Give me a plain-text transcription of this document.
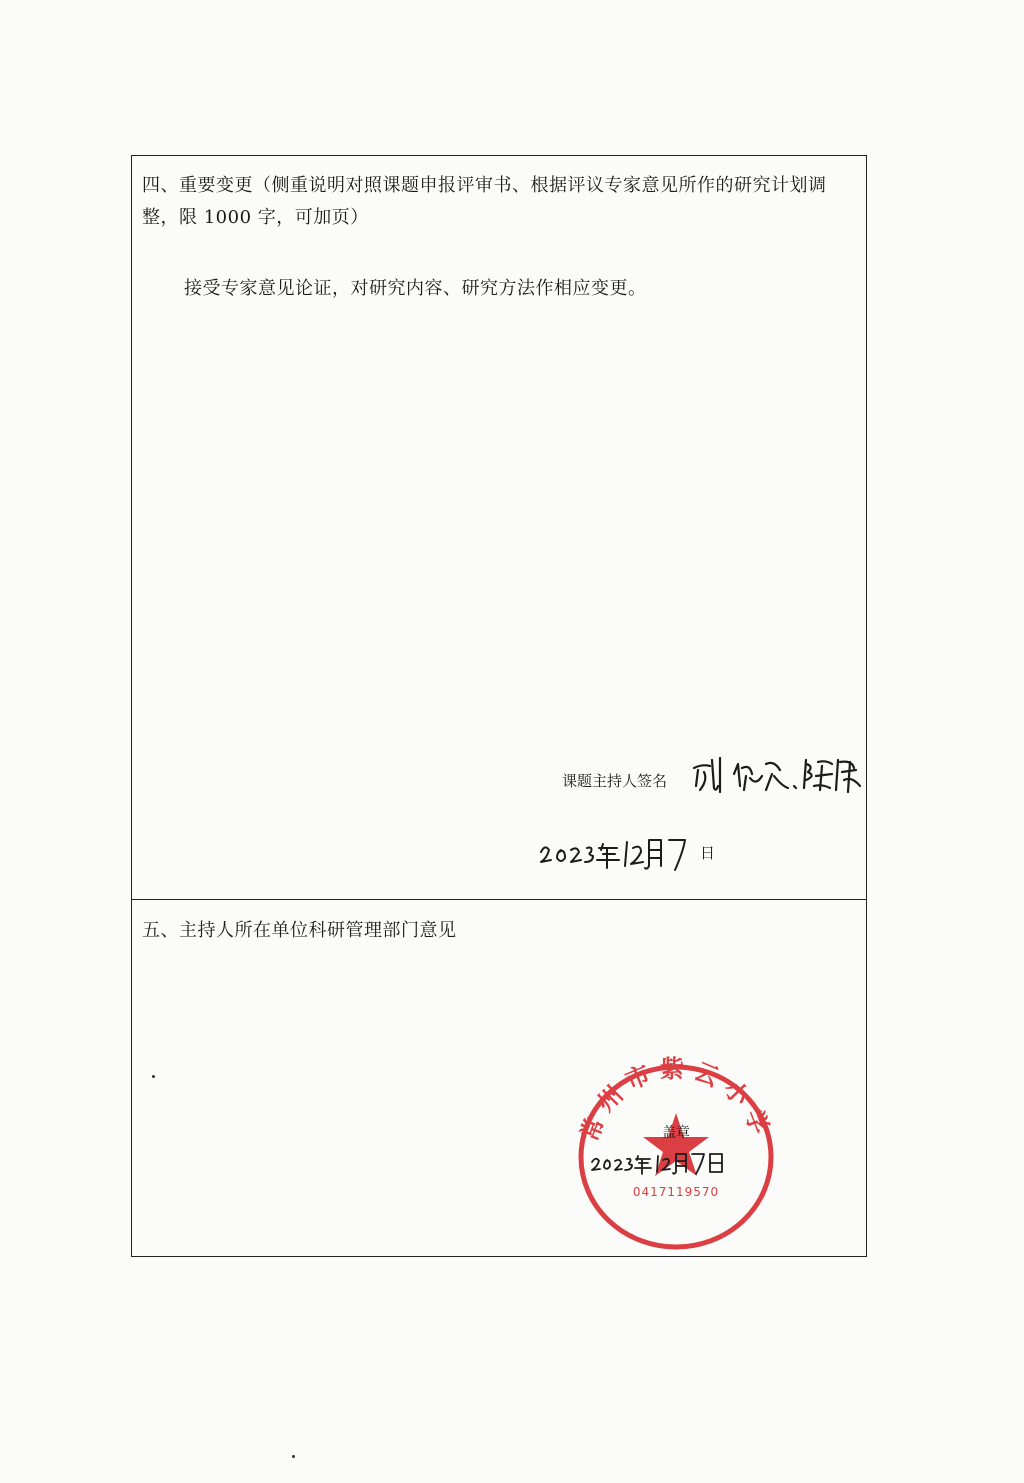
四、重要变更（侧重说明对照课题申报评审书、根据评议专家意见所作的研究计划调整，限 1000 字，可加页）
接受专家意见论证，对研究内容、研究方法作相应变更。
课题主持人签名
日
五、主持人所在单位科研管理部门意见
常州市紫云小学
0417119570
盖章
